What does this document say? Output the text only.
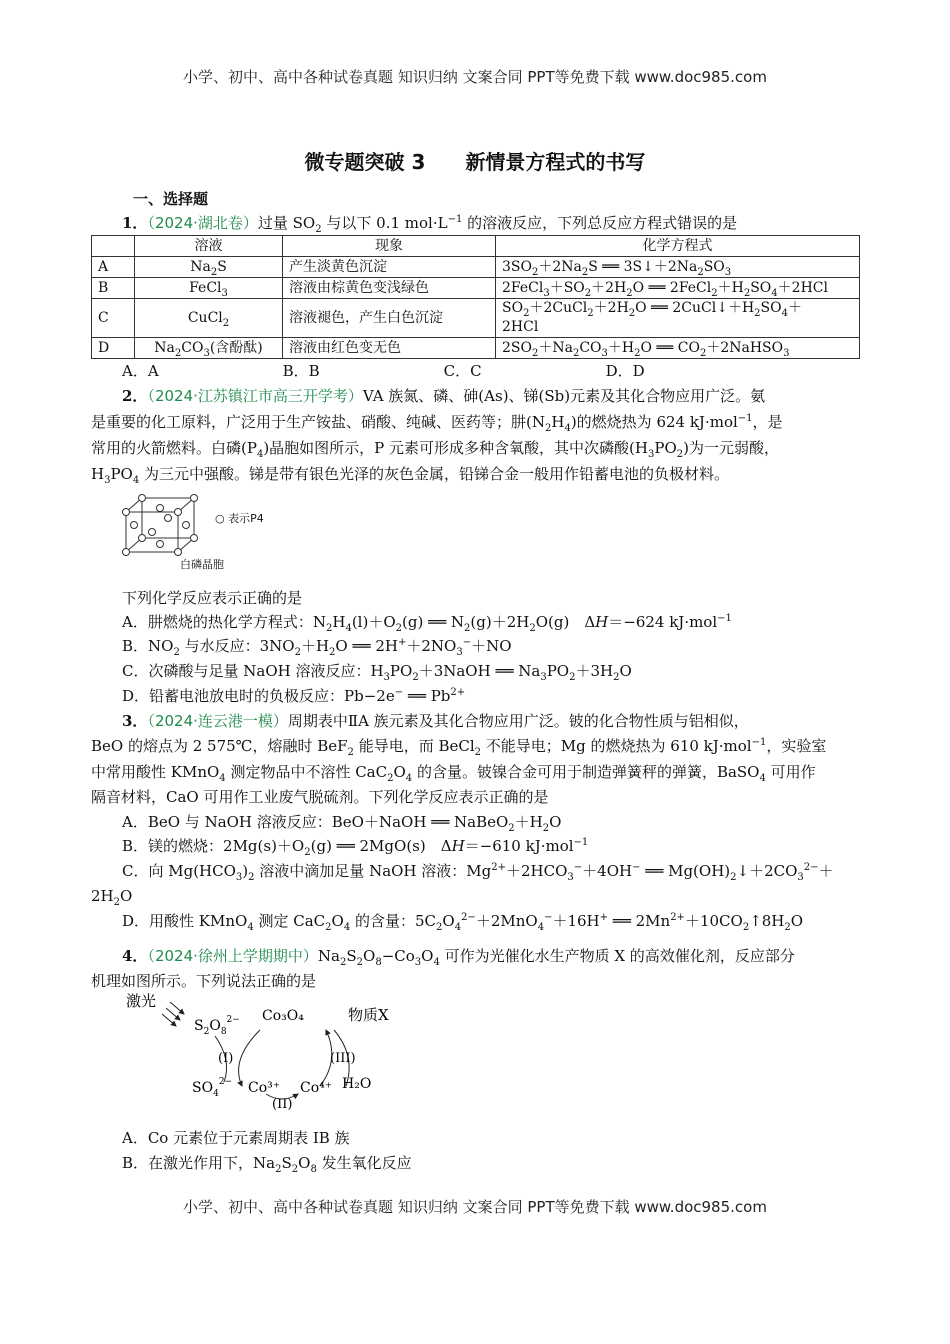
小学、初中、高中各种试卷真题 知识归纳 文案合同 PPT等免费下载 www.doc985.com
微专题突破 3 新情景方程式的书写
一、选择题
1．（2024·湖北卷）过量 $SO_2$ 与以下 0.1 $mol\cdot L^{-1}$ 的溶液反应，下列总反应方程式错误的是
	溶液	现象	化学方程式
A	$Na_2S$	产生淡黄色沉淀	$3SO_2+2Na_2S$ ══ $3S↓+2Na_2SO_3$
B	FeCl$_3$	溶液由棕黄色变浅绿色	$2FeCl_3+SO_2+2H_2O$ ══ $2FeCl_2+H_2SO_4+2HCl$
C	CuCl$_2$	溶液褪色，产生白色沉淀	$SO_2+2CuCl_2+2H_2O$ ══ $2CuCl↓+H_2SO_4+$
2HCl
D	$Na_2CO_3$(含酚酞)	溶液由红色变无色	$2SO_2+Na_2CO_3+H_2O$ ══ $CO_2+2NaHSO_3$
A．A                          B．B                          C．C                          D．D
2．（2024·江苏镇江市高三开学考）VA 族氮、磷、砷(As)、锑(Sb)元素及其化合物应用广泛。氨
是重要的化工原料，广泛用于生产铵盐、硝酸、纯碱、医药等；肼$(N_2H_4)$的燃烧热为 624 kJ·mol$^{-1}$，是
常用的火箭燃料。白磷$(P_4)$晶胞如图所示，P 元素可形成多种含氧酸，其中次磷酸$(H_3PO_2)$为一元弱酸，
$H_3PO_4$ 为三元中强酸。锑是带有银色光泽的灰色金属，铅锑合金一般用作铅蓄电池的负极材料。
○ 表示P4
白磷晶胞
下列化学反应表示正确的是
A．肼燃烧的热化学方程式：$N_2H_4(l)+O_2(g)$ ══ $N_2(g)+2H_2O(g)$　ΔH＝−624 kJ·mol$^{-1}$
B．$NO_2$ 与水反应：$3NO_2+H_2O$ ══ $2H^++2NO_3^-+NO$
C．次磷酸与足量 NaOH 溶液反应：$H_3PO_2+3NaOH$ ══ $Na_3PO_2+3H_2O$
D．铅蓄电池放电时的负极反应：Pb−2e− ══ $Pb^{2+}$
3．（2024·连云港一模）周期表中ⅡA 族元素及其化合物应用广泛。铍的化合物性质与铝相似，
BeO 的熔点为 2 575℃，熔融时 BeF$_2$ 能导电，而 BeCl$_2$ 不能导电；Mg 的燃烧热为 610 kJ·mol$^{-1}$，实验室
中常用酸性 KMnO$_4$ 测定物品中不溶性 $CaC_2O_4$ 的含量。铍镍合金可用于制造弹簧秤的弹簧，BaSO$_4$ 可用作
隔音材料，CaO 可用作工业废气脱硫剂。下列化学反应表示正确的是
A．BeO 与 NaOH 溶液反应：BeO＋NaOH ══ $NaBeO_2+H_2O$
B．镁的燃烧：$2Mg(s)+O_2(g)$ ══ 2MgO(s)　ΔH＝−610 kJ·mol$^{-1}$
C．向 $Mg(HCO_3)_2$ 溶液中滴加足量 NaOH 溶液：$Mg^{2+}+2HCO_3^-+4OH^-$ ══ $Mg(OH)_2↓+2CO_3^{2-}+$
$2H_2O$
D．用酸性 KMnO$_4$ 测定 $CaC_2O_4$ 的含量：$5C_2O_4^{2-}+2MnO_4^-+16H^+$ ══ $2Mn^{2+}+10CO_2↑8H_2O$
4．（2024·徐州上学期期中）$Na_2S_2O_8-Co_3O_4$ 可作为光催化水生产物质 X 的高效催化剂，反应部分
机理如图所示。下列说法正确的是
激光
$S_2O_8^{2-}$ Co₃O₄	物质X
(I)	(III)
$SO_4^{2-}$ Co³⁺ Co⁴⁺ H₂O
(II)
A．Co 元素位于元素周期表 IB 族
B．在激光作用下，$Na_2S_2O_8$ 发生氧化反应
小学、初中、高中各种试卷真题 知识归纳 文案合同 PPT等免费下载 www.doc985.com
